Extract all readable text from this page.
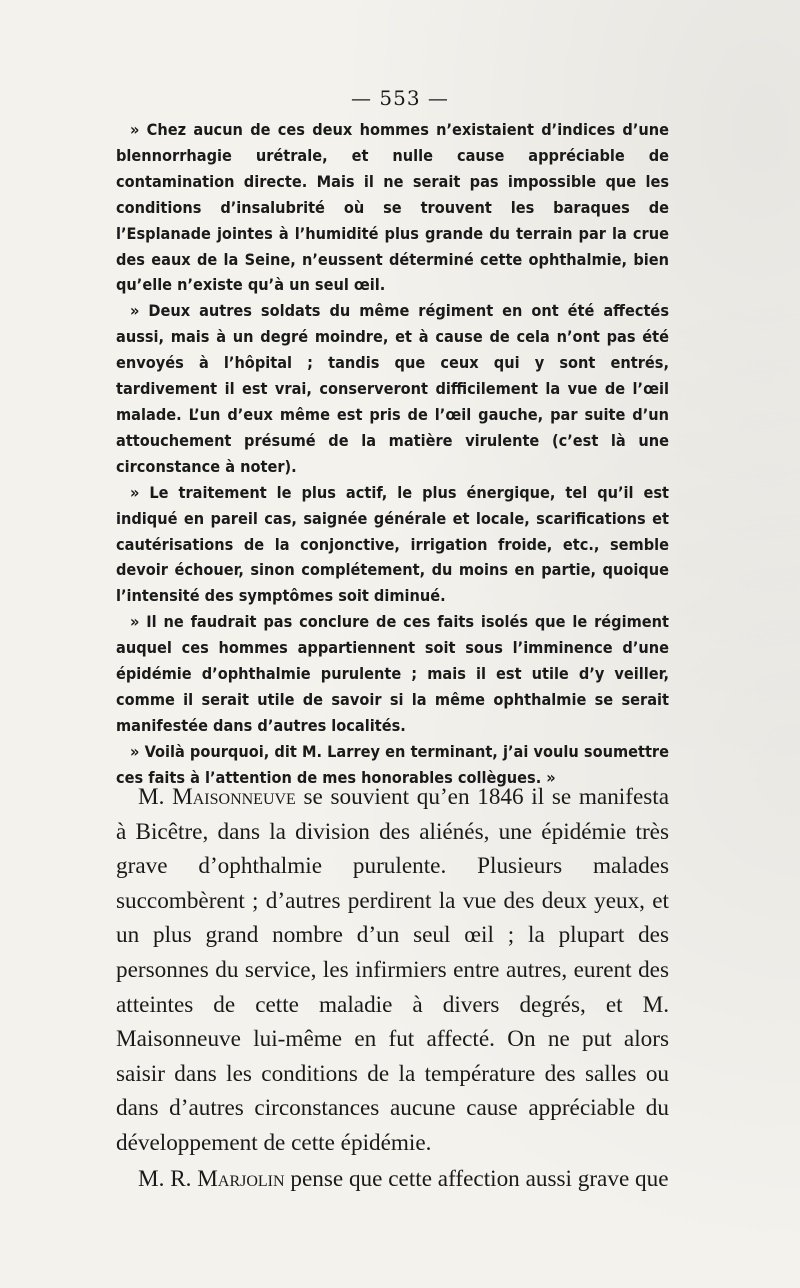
— 553 —

» Chez aucun de ces deux hommes n’existaient d’indices d’une blennorrhagie urétrale, et nulle cause appréciable de contamination directe. Mais il ne serait pas impossible que les conditions d’insalubrité où se trouvent les baraques de l’Esplanade jointes à l’humidité plus grande du terrain par la crue des eaux de la Seine, n’eussent déterminé cette ophthalmie, bien qu’elle n’existe qu’à un seul œil.

» Deux autres soldats du même régiment en ont été affectés aussi, mais à un degré moindre, et à cause de cela n’ont pas été envoyés à l’hôpital ; tandis que ceux qui y sont entrés, tardivement il est vrai, conserveront difficilement la vue de l’œil malade. L’un d’eux même est pris de l’œil gauche, par suite d’un attouchement présumé de la matière virulente (c’est là une circonstance à noter).

» Le traitement le plus actif, le plus énergique, tel qu’il est indiqué en pareil cas, saignée générale et locale, scarifications et cautérisations de la conjonctive, irrigation froide, etc., semble devoir échouer, sinon complétement, du moins en partie, quoique l’intensité des symptômes soit diminué.

» Il ne faudrait pas conclure de ces faits isolés que le régiment auquel ces hommes appartiennent soit sous l’imminence d’une épidémie d’ophthalmie purulente ; mais il est utile d’y veiller, comme il serait utile de savoir si la même ophthalmie se serait manifestée dans d’autres localités.

» Voilà pourquoi, dit M. Larrey en terminant, j’ai voulu soumettre ces faits à l’attention de mes honorables collègues. »

M. Maisonneuve se souvient qu’en 1846 il se manifesta à Bicêtre, dans la division des aliénés, une épidémie très grave d’ophthalmie purulente. Plusieurs malades succombèrent ; d’autres perdirent la vue des deux yeux, et un plus grand nombre d’un seul œil ; la plupart des personnes du service, les infirmiers entre autres, eurent des atteintes de cette maladie à divers degrés, et M. Maisonneuve lui-même en fut affecté. On ne put alors saisir dans les conditions de la température des salles ou dans d’autres circonstances aucune cause appréciable du développement de cette épidémie.

M. R. Marjolin pense que cette affection aussi grave que
